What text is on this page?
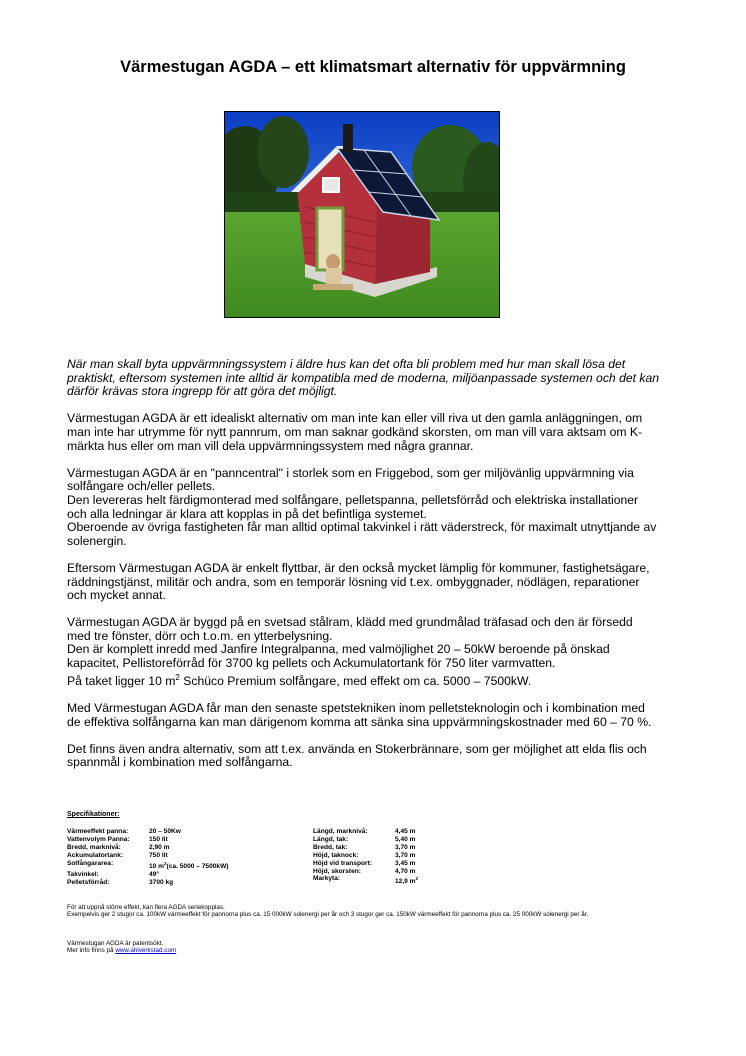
Värmestugan AGDA – ett klimatsmart alternativ för uppvärmning

När man skall byta uppvärmningssystem i äldre hus kan det ofta bli problem med hur man skall lösa det
praktiskt, eftersom systemen inte alltid är kompatibla med de moderna, miljöanpassade systemen och det kan
därför krävas stora ingrepp för att göra det möjligt.

Värmestugan AGDA är ett idealiskt alternativ om man inte kan eller vill riva ut den gamla anläggningen, om
man inte har utrymme för nytt pannrum, om man saknar godkänd skorsten, om man vill vara aktsam om K-
märkta hus eller om man vill dela uppvärmningssystem med några grannar.

Värmestugan AGDA är en "panncentral" i storlek som en Friggebod, som ger miljövänlig uppvärmning via
solfångare och/eller pellets.
Den levereras helt färdigmonterad med solfångare, pelletspanna, pelletsförråd och elektriska installationer
och alla ledningar är klara att kopplas in på det befintliga systemet.
Oberoende av övriga fastigheten får man alltid optimal takvinkel i rätt väderstreck, för maximalt utnyttjande av
solenergin.

Eftersom Värmestugan AGDA är enkelt flyttbar, är den också mycket lämplig för kommuner, fastighetsägare,
räddningstjänst, militär och andra, som en temporär lösning vid t.ex. ombyggnader, nödlägen, reparationer
och mycket annat.

Värmestugan AGDA är byggd på en svetsad stålram, klädd med grundmålad träfasad och den är försedd
med tre fönster, dörr och t.o.m. en ytterbelysning.
Den är komplett inredd med Janfire Integralpanna, med valmöjlighet 20 – 50kW beroende på önskad
kapacitet, Pellistoreförråd för 3700 kg pellets och Ackumulatortank för 750 liter varmvatten.
På taket ligger 10 $m^2$ Schüco Premium solfångare, med effekt om ca. 5000 – 7500kW.

Med Värmestugan AGDA får man den senaste spetstekniken inom pelletsteknologin och i kombination med
de effektiva solfångarna kan man därigenom komma att sänka sina uppvärmningskostnader med 60 – 70 %.

Det finns även andra alternativ, som att t.ex. använda en Stokerbrännare, som ger möjlighet att elda flis och
spannmål i kombination med solfångarna.

Specifikationer:
Värmeeffekt panna:	20 – 50Kw
Vattenvolym Panna:	150 lit
Bredd, marknivå:	2,90 m
Ackumulatortank:	750 lit
Solfångararea:	10 $m^2(ca$. 5000 – 7500kW)
Takvinkel:	49°
Pelletsförråd:	3700 kg
Längd, marknivå:	4,45 m
Längd, tak:	5,40 m
Bredd, tak:	3,70 m
Höjd, taknock:	3,70 m
Höjd vid transport:	3,45 m
Höjd, skorsten:	4,70 m
Markyta:	12,9 $m^2$

För att uppnå större effekt, kan flera AGDA seriekopplas.

Exempelvis ger 2 stugor ca. 100kW värmeeffekt för pannorna plus ca. 15 000kW solenergi per år och 3 stugor ger ca. 150kW värmeeffekt för pannorna plus ca. 25 000kW solenergi per år.

Värmestugan AGDA är patentsökt.

Mer info finns på www.ahlverkstad.com
